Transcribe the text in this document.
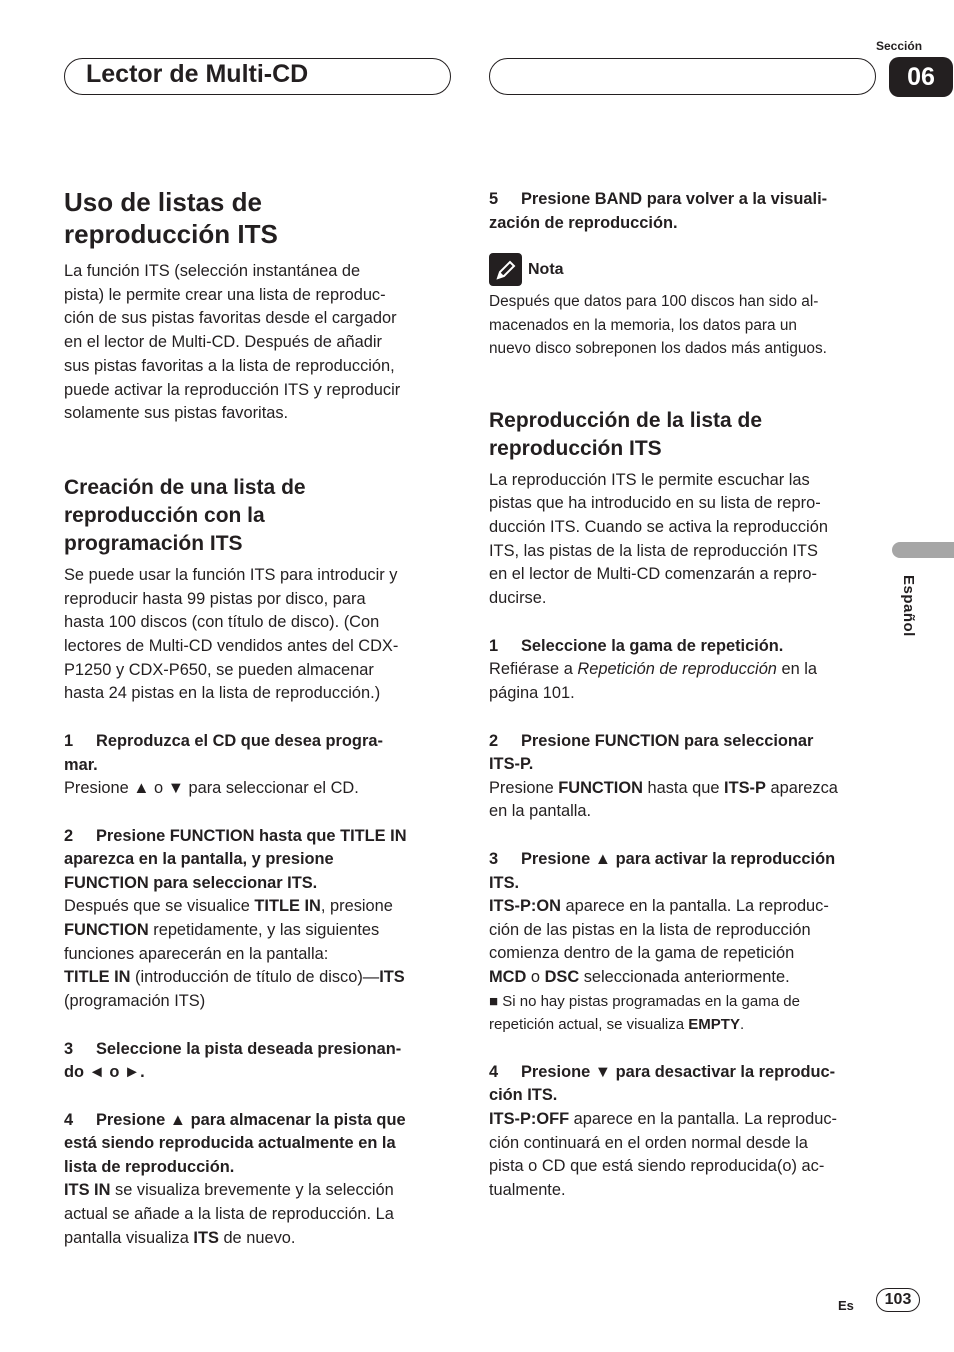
Lector de Multi-CD
Sección
06
Uso de listas de
reproducción ITS
La función ITS (selección instantánea de
pista) le permite crear una lista de reproduc-
ción de sus pistas favoritas desde el cargador
en el lector de Multi-CD. Después de añadir
sus pistas favoritas a la lista de reproducción,
puede activar la reproducción ITS y reproducir
solamente sus pistas favoritas.
Creación de una lista de
reproducción con la
programación ITS
Se puede usar la función ITS para introducir y
reproducir hasta 99 pistas por disco, para
hasta 100 discos (con título de disco). (Con
lectores de Multi-CD vendidos antes del CDX-
P1250 y CDX-P650, se pueden almacenar
hasta 24 pistas en la lista de reproducción.)
1 Reproduzca el CD que desea progra-
mar.
Presione ▲ o ▼ para seleccionar el CD.
2 Presione FUNCTION hasta que TITLE IN
aparezca en la pantalla, y presione
FUNCTION para seleccionar ITS.
Después que se visualice TITLE IN, presione
FUNCTION repetidamente, y las siguientes
funciones aparecerán en la pantalla:
TITLE IN (introducción de título de disco)—ITS
(programación ITS)
3 Seleccione la pista deseada presionan-
do ◄ o ►.
4 Presione ▲ para almacenar la pista que
está siendo reproducida actualmente en la
lista de reproducción.
ITS IN se visualiza brevemente y la selección
actual se añade a la lista de reproducción. La
pantalla visualiza ITS de nuevo.
5 Presione BAND para volver a la visuali-
zación de reproducción.
Nota
Después que datos para 100 discos han sido al-
macenados en la memoria, los datos para un
nuevo disco sobreponen los dados más antiguos.
Reproducción de la lista de
reproducción ITS
La reproducción ITS le permite escuchar las
pistas que ha introducido en su lista de repro-
ducción ITS. Cuando se activa la reproducción
ITS, las pistas de la lista de reproducción ITS
en el lector de Multi-CD comenzarán a repro-
ducirse.
1 Seleccione la gama de repetición.
Refiérase a Repetición de reproducción en la
página 101.
2 Presione FUNCTION para seleccionar
ITS-P.
Presione FUNCTION hasta que ITS-P aparezca
en la pantalla.
3 Presione ▲ para activar la reproducción
ITS.
ITS-P:ON aparece en la pantalla. La reproduc-
ción de las pistas en la lista de reproducción
comienza dentro de la gama de repetición
MCD o DSC seleccionada anteriormente.
■ Si no hay pistas programadas en la gama de
repetición actual, se visualiza EMPTY.
4 Presione ▼ para desactivar la reproduc-
ción ITS.
ITS-P:OFF aparece en la pantalla. La reproduc-
ción continuará en el orden normal desde la
pista o CD que está siendo reproducida(o) ac-
tualmente.
Español
Es	103
